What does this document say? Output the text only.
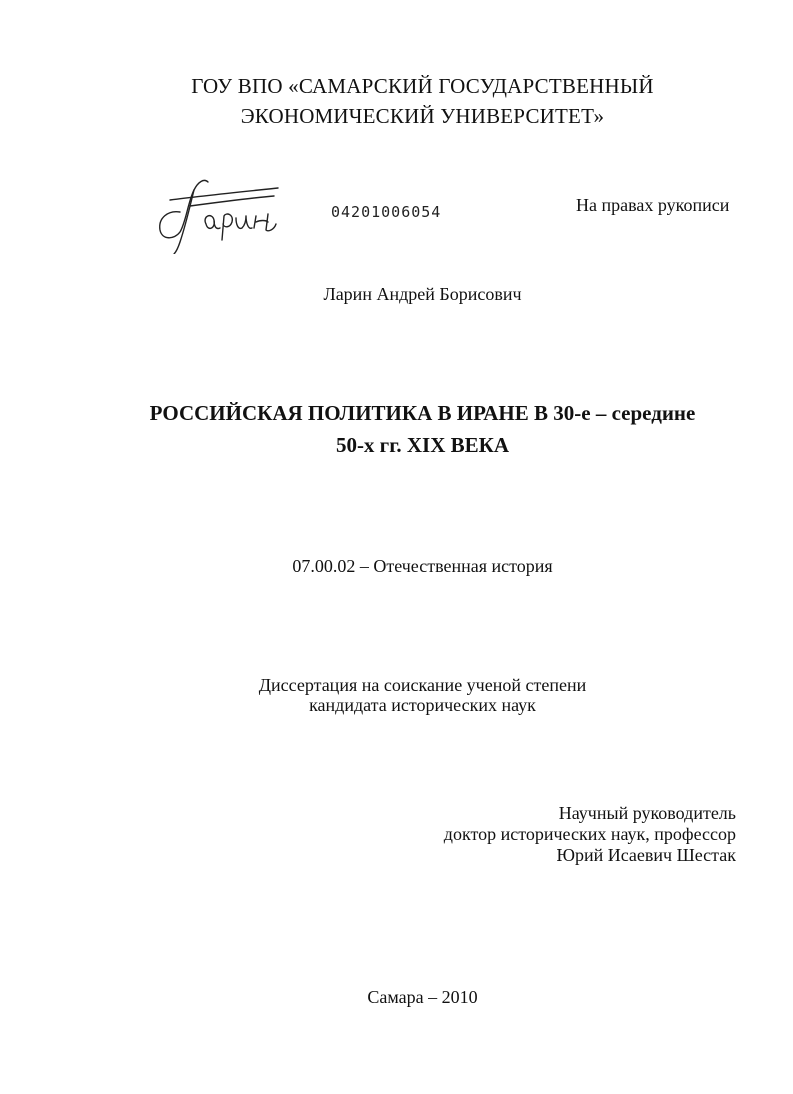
ГОУ ВПО «САМАРСКИЙ ГОСУДАРСТВЕННЫЙ
ЭКОНОМИЧЕСКИЙ УНИВЕРСИТЕТ»
04201006054	На правах рукописи
Ларин Андрей Борисович
РОССИЙСКАЯ ПОЛИТИКА В ИРАНЕ В 30-е – середине
50-х гг. XIX ВЕКА
07.00.02 – Отечественная история
Диссертация на соискание ученой степени
кандидата исторических наук
Научный руководитель
доктор исторических наук, профессор
Юрий Исаевич Шестак
Самара – 2010
